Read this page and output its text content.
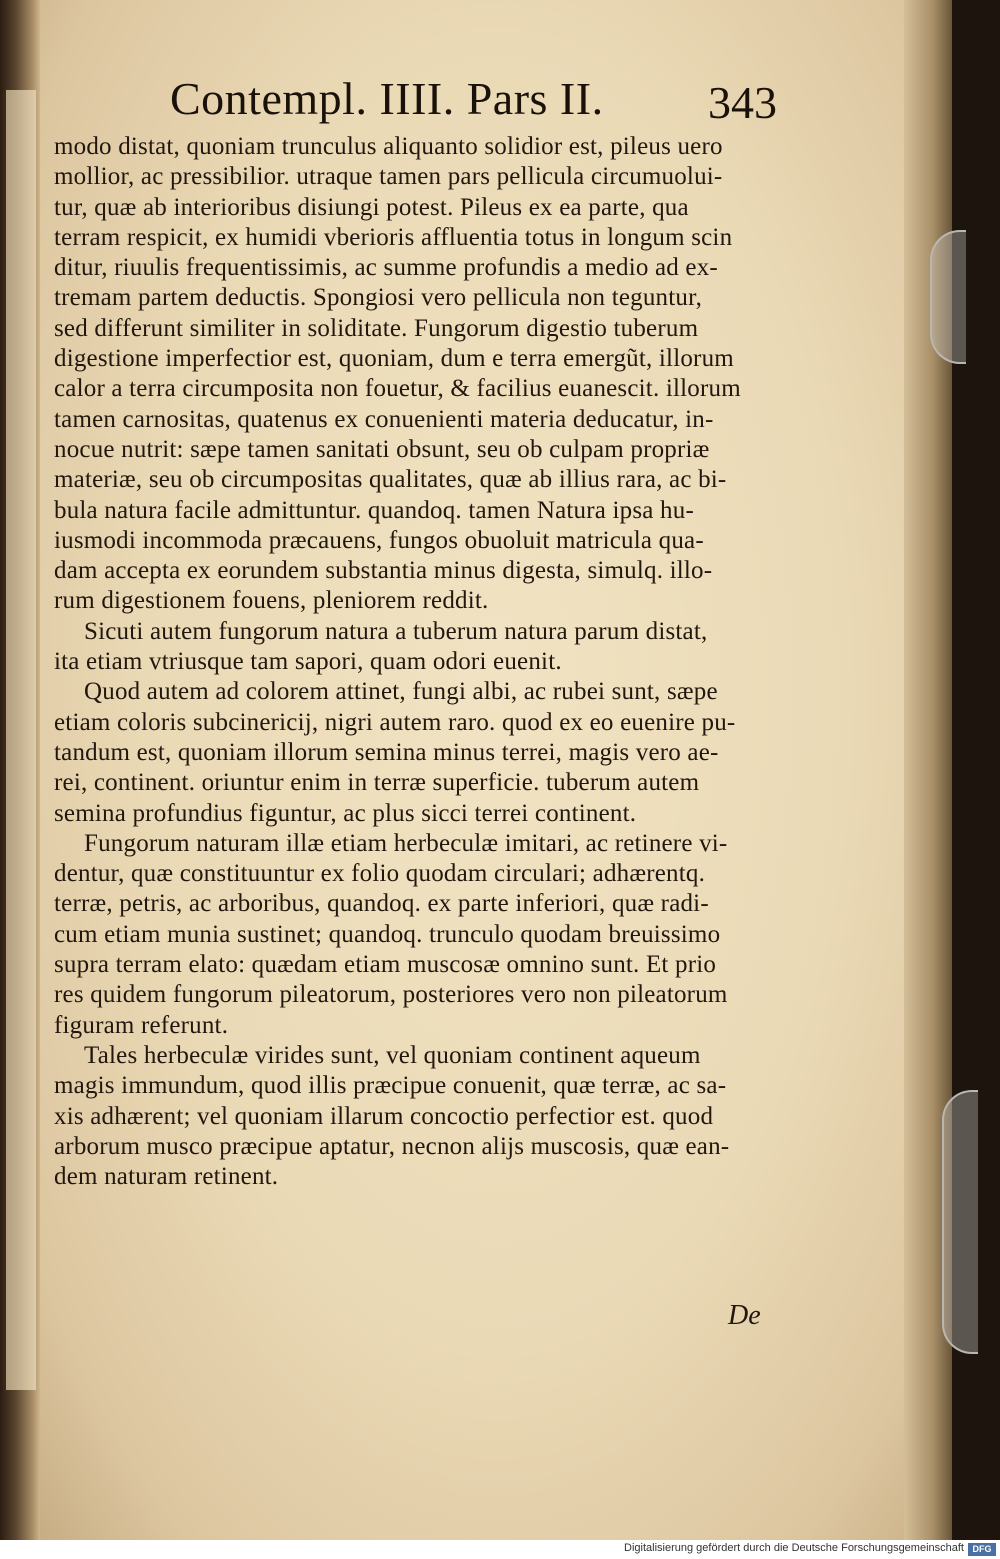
Contempl. IIII. Pars II. 343
modo distat, quoniam trunculus aliquanto solidior est, pileus uero
mollior, ac pressibilior. utraque tamen pars pellicula circumuolui-
tur, quæ ab interioribus disiungi potest. Pileus ex ea parte, qua
terram respicit, ex humidi vberioris affluentia totus in longum scin
ditur, riuulis frequentissimis, ac summe profundis a medio ad ex-
tremam partem deductis. Spongiosi vero pellicula non teguntur,
sed differunt similiter in soliditate. Fungorum digestio tuberum
digestione imperfectior est, quoniam, dum e terra emergũt, illorum
calor a terra circumposita non fouetur, & facilius euanescit. illorum
tamen carnositas, quatenus ex conuenienti materia deducatur, in-
nocue nutrit: sæpe tamen sanitati obsunt, seu ob culpam propriæ
materiæ, seu ob circumpositas qualitates, quæ ab illius rara, ac bi-
bula natura facile admittuntur. quandoq. tamen Natura ipsa hu-
iusmodi incommoda præcauens, fungos obuoluit matricula qua-
dam accepta ex eorundem substantia minus digesta, simulq. illo-
rum digestionem fouens, pleniorem reddit.
Sicuti autem fungorum natura a tuberum natura parum distat,
ita etiam vtriusque tam sapori, quam odori euenit.
Quod autem ad colorem attinet, fungi albi, ac rubei sunt, sæpe
etiam coloris subcinericij, nigri autem raro. quod ex eo euenire pu-
tandum est, quoniam illorum semina minus terrei, magis vero ae-
rei, continent. oriuntur enim in terræ superficie. tuberum autem
semina profundius figuntur, ac plus sicci terrei continent.
Fungorum naturam illæ etiam herbeculæ imitari, ac retinere vi-
dentur, quæ constituuntur ex folio quodam circulari; adhærentq.
terræ, petris, ac arboribus, quandoq. ex parte inferiori, quæ radi-
cum etiam munia sustinet; quandoq. trunculo quodam breuissimo
supra terram elato: quædam etiam muscosæ omnino sunt. Et prio
res quidem fungorum pileatorum, posteriores vero non pileatorum
figuram referunt.
Tales herbeculæ virides sunt, vel quoniam continent aqueum
magis immundum, quod illis præcipue conuenit, quæ terræ, ac sa-
xis adhærent; vel quoniam illarum concoctio perfectior est. quod
arborum musco præcipue aptatur, necnon alijs muscosis, quæ ean-
dem naturam retinent.
De
Digitalisierung gefördert durch die Deutsche Forschungsgemeinschaft DFG
